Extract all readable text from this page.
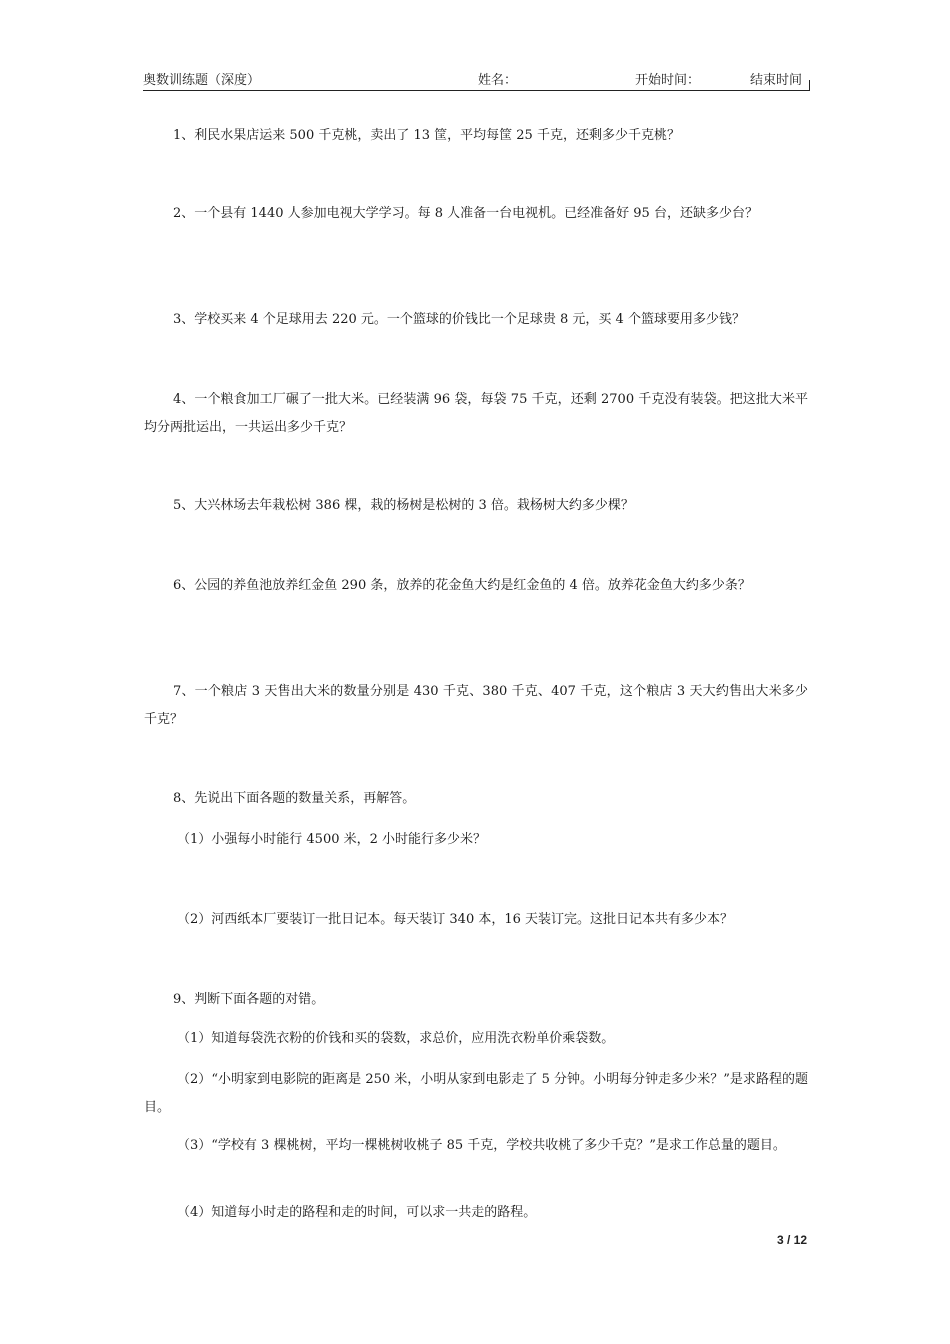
奥数训练题（深度）	姓名：	开始时间：	结束时间

1、利民水果店运来 500 千克桃，卖出了 13 筐，平均每筐 25 千克，还剩多少千克桃？

2、一个县有 1440 人参加电视大学学习。每 8 人准备一台电视机。已经准备好 95 台，还缺多少台？

3、学校买来 4 个足球用去 220 元。一个篮球的价钱比一个足球贵 8 元，买 4 个篮球要用多少钱？

4、一个粮食加工厂碾了一批大米。已经装满 96 袋，每袋 75 千克，还剩 2700 千克没有装袋。把这批大米平均分两批运出，一共运出多少千克？

5、大兴林场去年栽松树 386 棵，栽的杨树是松树的 3 倍。栽杨树大约多少棵？

6、公园的养鱼池放养红金鱼 290 条，放养的花金鱼大约是红金鱼的 4 倍。放养花金鱼大约多少条？

7、一个粮店 3 天售出大米的数量分别是 430 千克、380 千克、407 千克，这个粮店 3 天大约售出大米多少千克？

8、先说出下面各题的数量关系，再解答。

（1）小强每小时能行 4500 米，2 小时能行多少米？

（2）河西纸本厂要装订一批日记本。每天装订 340 本，16 天装订完。这批日记本共有多少本？

9、判断下面各题的对错。

（1）知道每袋洗衣粉的价钱和买的袋数，求总价，应用洗衣粉单价乘袋数。

（2）“小明家到电影院的距离是 250 米，小明从家到电影走了 5 分钟。小明每分钟走多少米？”是求路程的题目。

（3）“学校有 3 棵桃树，平均一棵桃树收桃子 85 千克，学校共收桃了多少千克？”是求工作总量的题目。

（4）知道每小时走的路程和走的时间，可以求一共走的路程。

3 / 12
